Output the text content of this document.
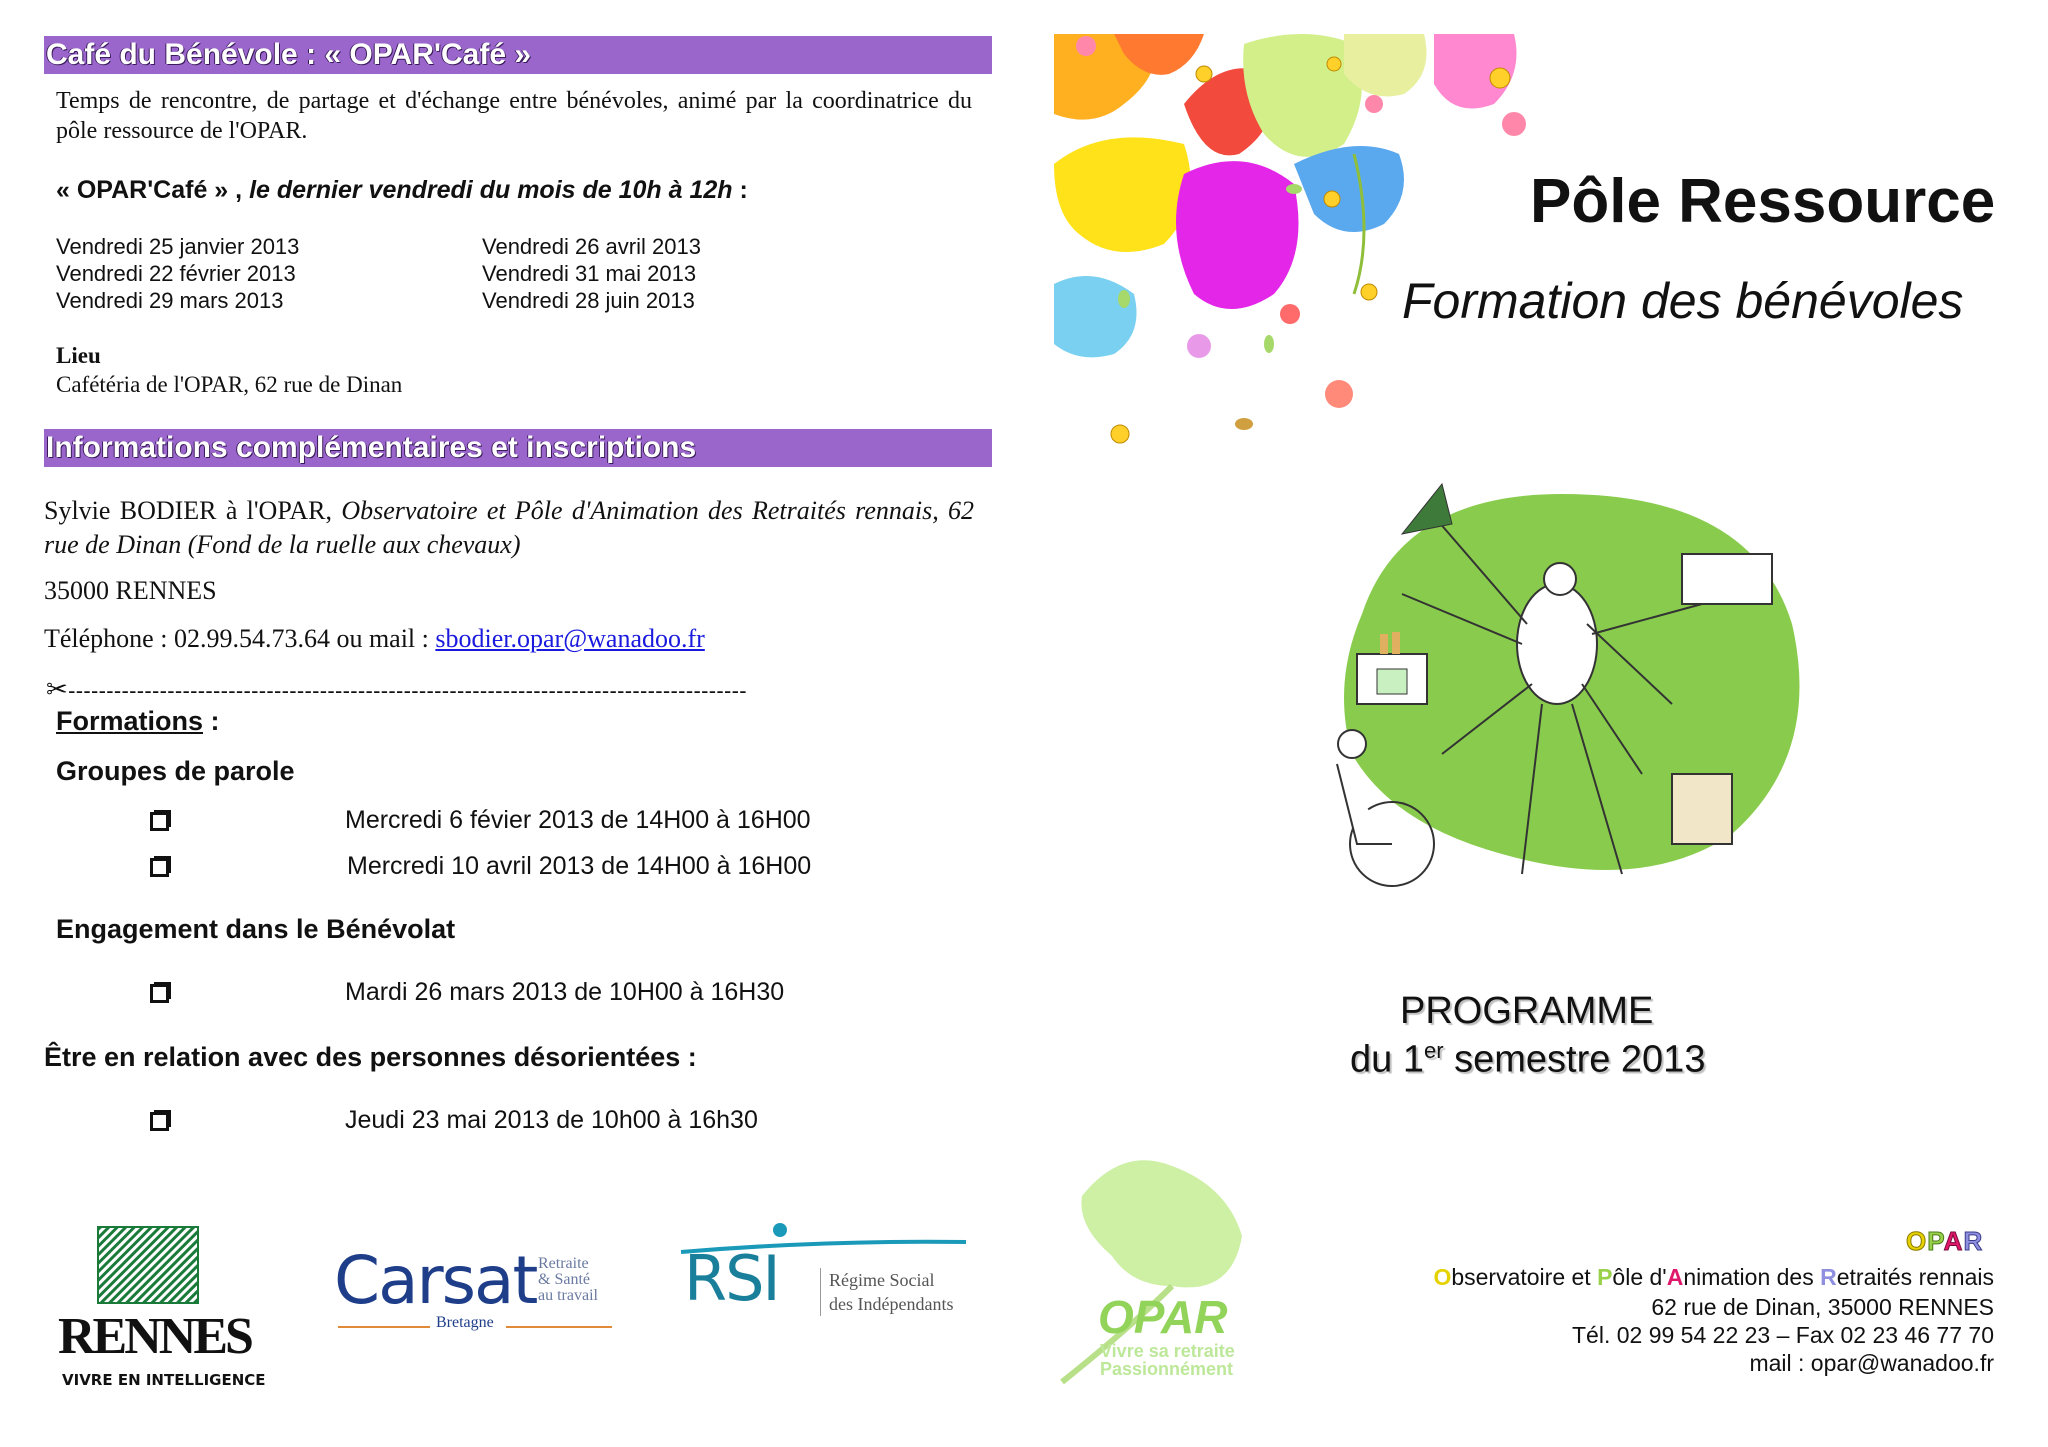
Café du Bénévole : « OPAR'Café »
Temps de rencontre, de partage et d'échange entre bénévoles, animé par la coordinatrice du pôle ressource de l'OPAR.
« OPAR'Café » , le dernier vendredi du mois de 10h à 12h :
Vendredi 25 janvier 2013
Vendredi 22 février 2013
Vendredi 29 mars 2013
Vendredi 26 avril 2013
Vendredi 31 mai 2013
Vendredi 28 juin 2013
Lieu
Cafétéria de l'OPAR, 62 rue de Dinan
Informations complémentaires et inscriptions
Sylvie BODIER à l'OPAR, Observatoire et Pôle d'Animation des Retraités rennais, 62 rue de Dinan (Fond de la ruelle aux chevaux)
35000 RENNES
Téléphone : 02.99.54.73.64 ou mail : sbodier.opar@wanadoo.fr
✂-----------------------------------------------------------------------------------------
Formations :
Groupes de parole
Mercredi 6 févier 2013 de 14H00 à 16H00
Mercredi 10 avril 2013 de 14H00 à 16H00
Engagement dans le Bénévolat
Mardi 26 mars 2013 de 10H00 à 16H30
Être en relation avec des personnes désorientées :
Jeudi 23 mai 2013 de 10h00 à 16h30
RENNES
VIVRE EN INTELLIGENCE
Carsat Retraite
& Santé
au travail
Bretagne
RSI	Régime Social
des Indépendants
Pôle Ressource
Formation des bénévoles
PROGRAMME
du 1er semestre 2013
OPAR
Vivre sa retraite
Passionnément
OPAR
Observatoire et Pôle d'Animation des Retraités rennais
62 rue de Dinan, 35000 RENNES
Tél. 02 99 54 22 23 – Fax 02 23 46 77 70
mail : opar@wanadoo.fr
